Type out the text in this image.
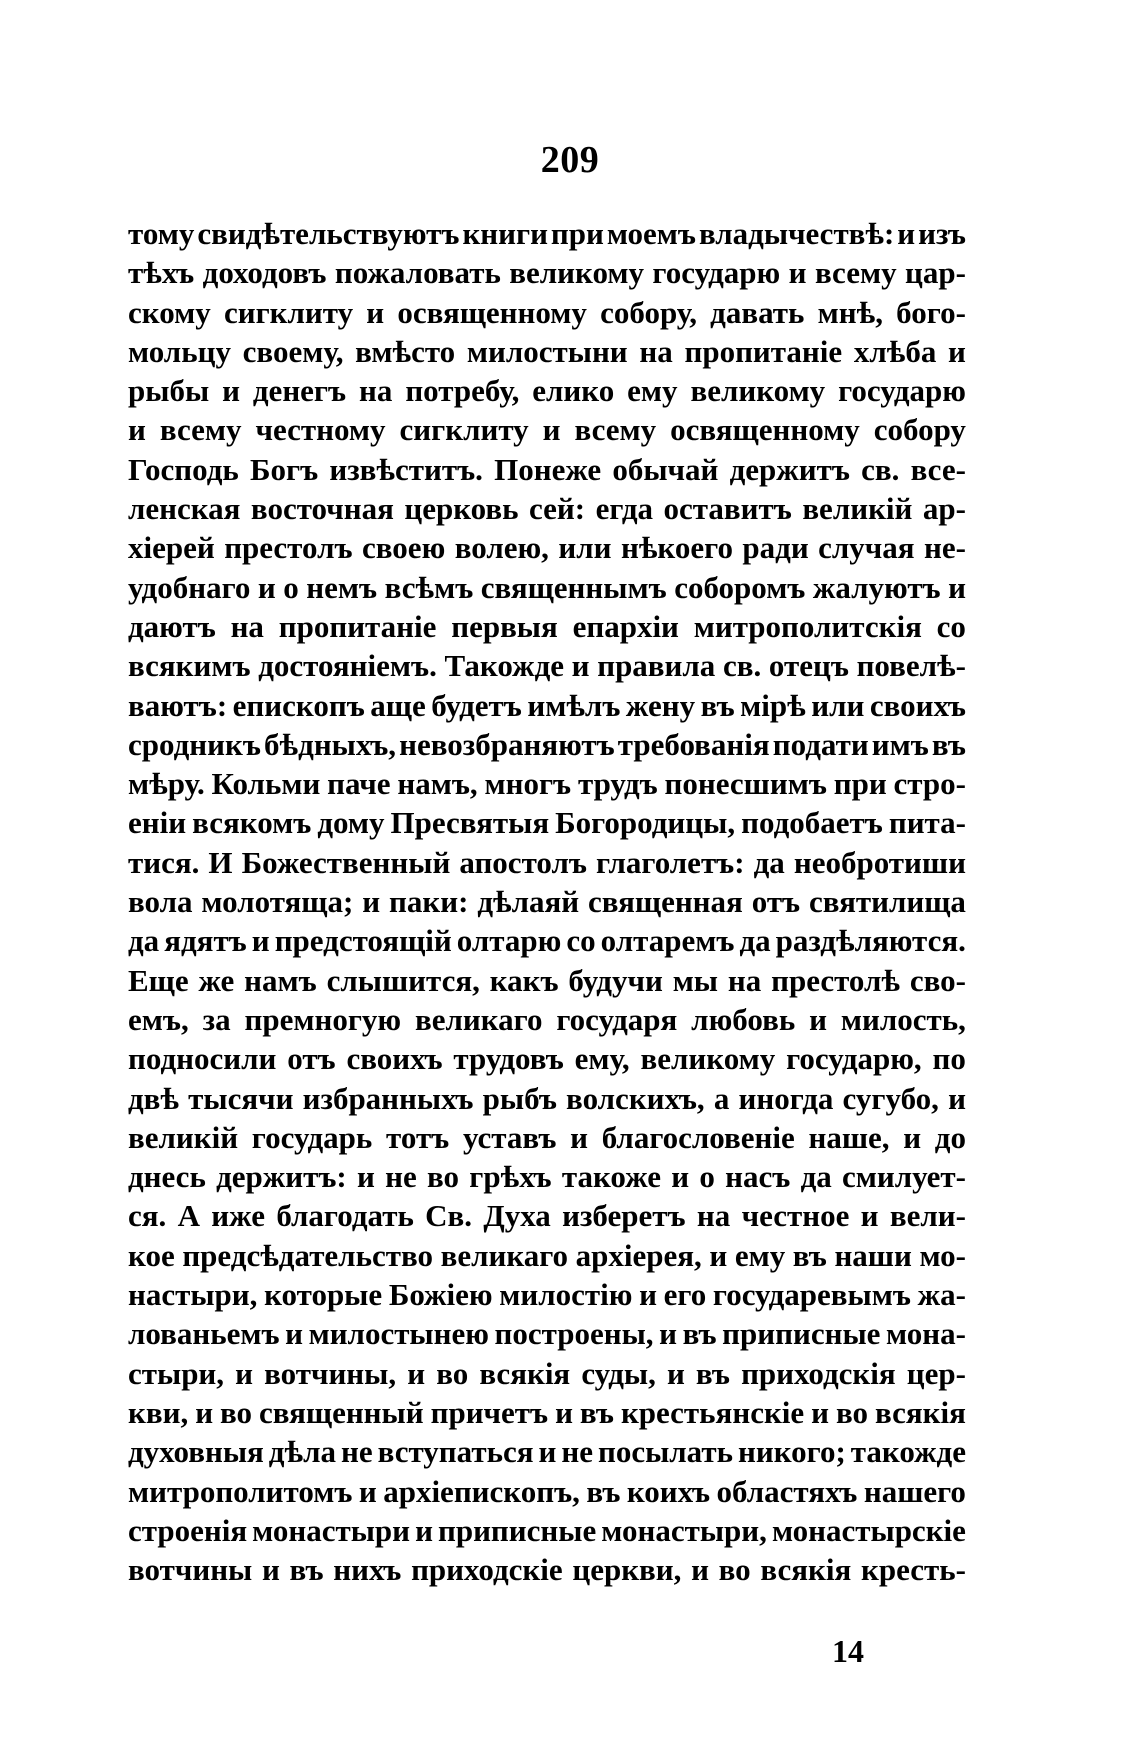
209
тому свидѣтельствуютъ книги при моемъ владычествѣ: и изъ
тѣхъ доходовъ пожаловать великому государю и всему цар-
скому сигклиту и освященному собору, давать мнѣ, бого-
мольцу своему, вмѣсто милостыни на пропитаніе хлѣба и
рыбы и денегъ на потребу, елико ему великому государю
и всему честному сигклиту и всему освященному собору
Господь Богъ извѣститъ. Понеже обычай держитъ св. все-
ленская восточная церковь сей: егда оставитъ великій ар-
хіерей престолъ своею волею, или нѣкоего ради случая не-
удобнаго и о немъ всѣмъ священнымъ соборомъ жалуютъ и
даютъ на пропитаніе первыя епархіи митрополитскія со
всякимъ достояніемъ. Такожде и правила св. отецъ повелѣ-
ваютъ: епископъ аще будетъ имѣлъ жену въ мірѣ или своихъ
сродникъ бѣдныхъ, невозбраняютъ требованія подати имъ въ
мѣру. Кольми паче намъ, многъ трудъ понесшимъ при стро-
еніи всякомъ дому Пресвятыя Богородицы, подобаетъ пита-
тися. И Божественный апостолъ глаголетъ: да необротиши
вола молотяща; и паки: дѣлаяй священная отъ святилища
да ядятъ и предстоящій олтарю со олтаремъ да раздѣляются.
Еще же намъ слышится, какъ будучи мы на престолѣ сво-
емъ, за премногую великаго государя любовь и милость,
подносили отъ своихъ трудовъ ему, великому государю, по
двѣ тысячи избранныхъ рыбъ волскихъ, а иногда сугубо, и
великій государь тотъ уставъ и благословеніе наше, и до
днесь держитъ: и не во грѣхъ такоже и о насъ да смилует-
ся. А иже благодать Св. Духа изберетъ на честное и вели-
кое предсѣдательство великаго архіерея, и ему въ наши мо-
настыри, которые Божіею милостію и его государевымъ жа-
лованьемъ и милостынею построены, и въ приписные мона-
стыри, и вотчины, и во всякія суды, и въ приходскія цер-
кви, и во священный причетъ и въ крестьянскіе и во всякія
духовныя дѣла не вступаться и не посылать никого; такожде
митрополитомъ и архіепископъ, въ коихъ областяхъ нашего
строенія монастыри и приписные монастыри, монастырскіе
вотчины и въ нихъ приходскіе церкви, и во всякія кресть-
14
